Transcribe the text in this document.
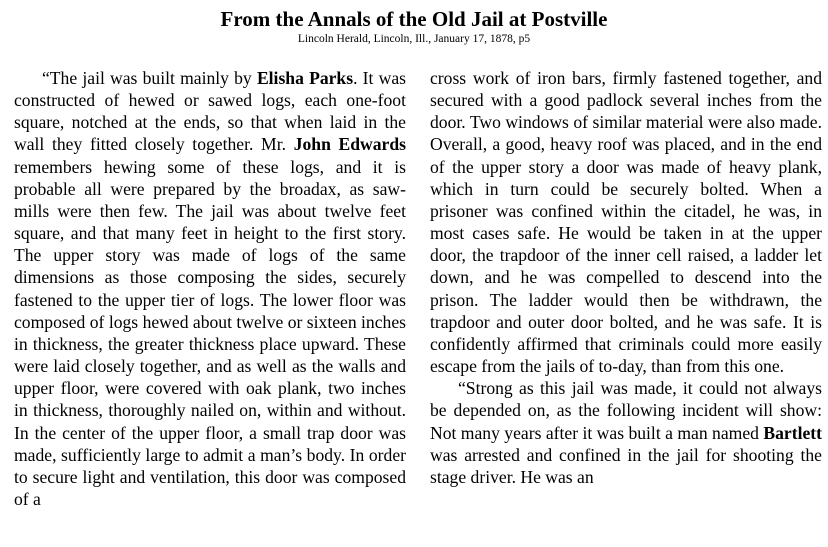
From the Annals of the Old Jail at Postville
Lincoln Herald, Lincoln, Ill., January 17, 1878, p5

“The jail was built mainly by Elisha Parks. It was constructed of hewed or sawed logs, each one-foot square, notched at the ends, so that when laid in the wall they fitted closely together. Mr. John Edwards remembers hewing some of these logs, and it is probable all were prepared by the broadax, as saw-mills were then few. The jail was about twelve feet square, and that many feet in height to the first story. The upper story was made of logs of the same dimensions as those composing the sides, securely fastened to the upper tier of logs. The lower floor was composed of logs hewed about twelve or sixteen inches in thickness, the greater thickness place upward. These were laid closely together, and as well as the walls and upper floor, were covered with oak plank, two inches in thickness, thoroughly nailed on, within and without. In the center of the upper floor, a small trap door was made, sufficiently large to admit a man’s body. In order to secure light and ventilation, this door was composed of a

cross work of iron bars, firmly fastened together, and secured with a good padlock several inches from the door. Two windows of similar material were also made. Overall, a good, heavy roof was placed, and in the end of the upper story a door was made of heavy plank, which in turn could be securely bolted. When a prisoner was confined within the citadel, he was, in most cases safe. He would be taken in at the upper door, the trapdoor of the inner cell raised, a ladder let down, and he was compelled to descend into the prison. The ladder would then be withdrawn, the trapdoor and outer door bolted, and he was safe. It is confidently affirmed that criminals could more easily escape from the jails of to-day, than from this one.

“Strong as this jail was made, it could not always be depended on, as the following incident will show: Not many years after it was built a man named Bartlett was arrested and confined in the jail for shooting the stage driver. He was an
